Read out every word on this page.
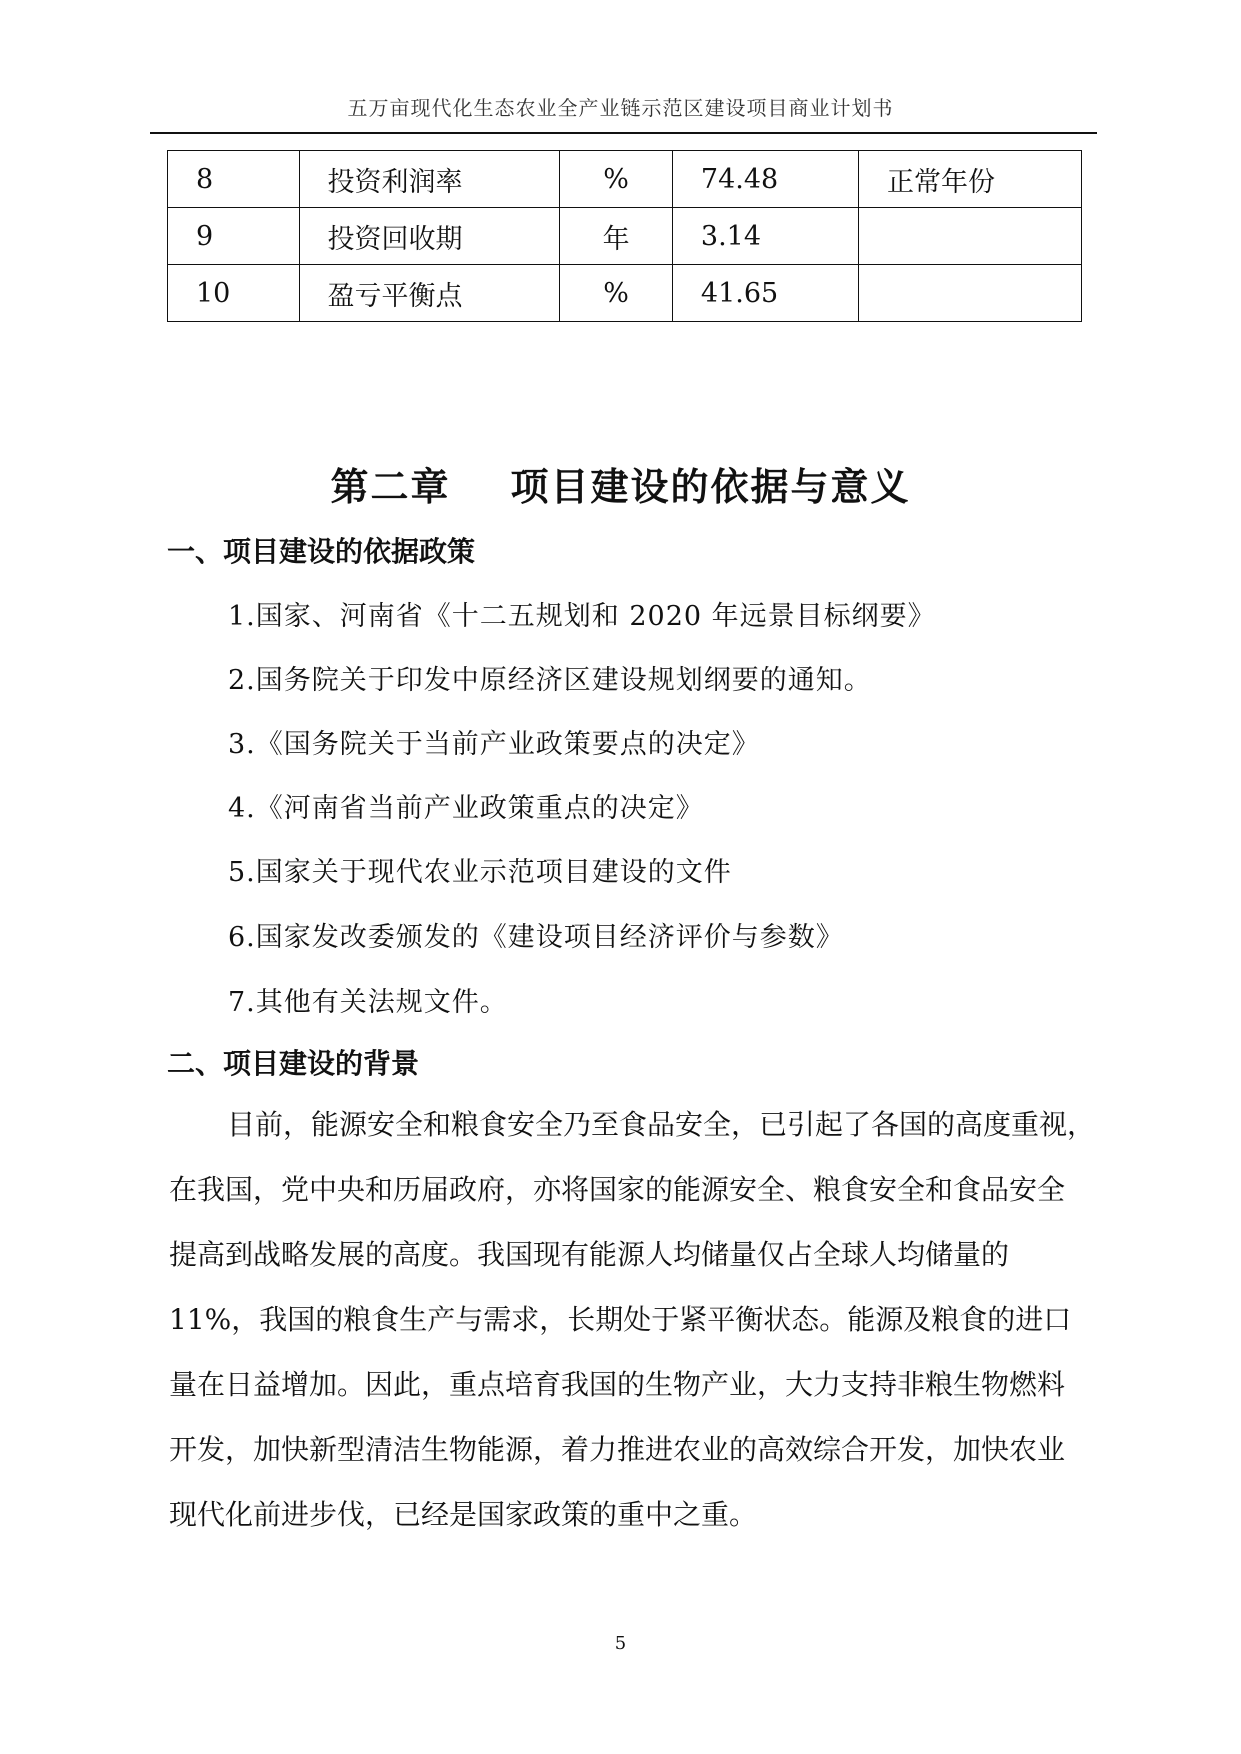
五万亩现代化生态农业全产业链示范区建设项目商业计划书
8	投资利润率	%	74.48	正常年份
9	投资回收期	年	3.14	
10	盈亏平衡点	%	41.65	
第二章 项目建设的依据与意义
一、项目建设的依据政策
1.国家、河南省《十二五规划和 2020 年远景目标纲要》
2.国务院关于印发中原经济区建设规划纲要的通知。
3.《国务院关于当前产业政策要点的决定》
4.《河南省当前产业政策重点的决定》
5.国家关于现代农业示范项目建设的文件
6.国家发改委颁发的《建设项目经济评价与参数》
7.其他有关法规文件。
二、项目建设的背景
目前，能源安全和粮食安全乃至食品安全，已引起了各国的高度重视，
在我国，党中央和历届政府，亦将国家的能源安全、粮食安全和食品安全
提高到战略发展的高度。我国现有能源人均储量仅占全球人均储量的
11%，我国的粮食生产与需求，长期处于紧平衡状态。能源及粮食的进口
量在日益增加。因此，重点培育我国的生物产业，大力支持非粮生物燃料
开发，加快新型清洁生物能源，着力推进农业的高效综合开发，加快农业
现代化前进步伐，已经是国家政策的重中之重。
5
